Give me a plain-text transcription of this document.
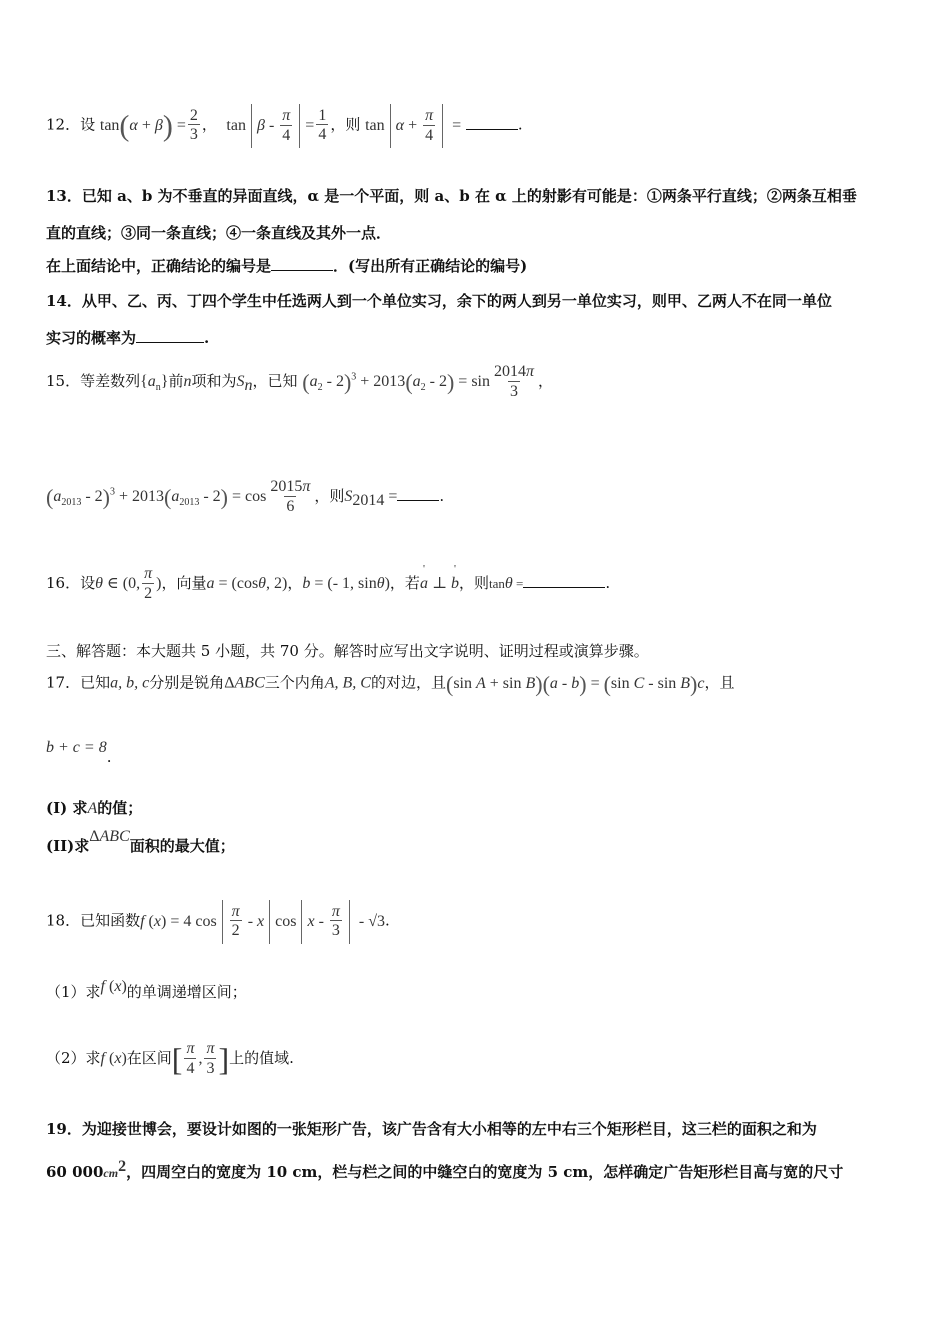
12．设 $\tan(\alpha + \beta) = \frac{2}{3}$ ， $\tan \beta - \frac{\pi}{4} = \frac{1}{4}$ ，则 $\tan \alpha + \frac{\pi}{4}$ =	.
13．已知 a、b 为不垂直的异面直线，α 是一个平面，则 a、b 在 α 上的射影有可能是：①两条平行直线；②两条互相垂
直的直线；③同一条直线；④一条直线及其外一点．
在上面结论中，正确结论的编号是	．(写出所有正确结论的编号)
14．从甲、乙、丙、丁四个学生中任选两人到一个单位实习，余下的两人到另一单位实习，则甲、乙两人不在同一单位
实习的概率为	.
15．等差数列$\{a_n\}$前n项和为$S_n$，已知 $(a_2 - 2)^3 + 2013(a_2 - 2) = \sin \frac{2014\pi}{3}$ ，
$(a_{2013} - 2)^3 + 2013(a_{2013} - 2) = \cos \frac{2015\pi}{6}$ ，则$S_{2014}$ =	.
16．设θ ∈ (0, $\frac{\pi}{2}$ )，向量a = (cosθ, 2)，b = (- 1, sinθ)，若' a ⊥ ' b，则tanθ =	.
三、解答题：本大题共 5 小题，共 70 分。解答时应写出文字说明、证明过程或演算步骤。
17．已知a, b, c分别是锐角ΔABC三个内角A, B, C的对边，且(sin A + sin B)(a - b) = (sin C - sin B)c，且
b + c = 8.
(I) 求A的值；
(II)求ΔABC面积的最大值；
18．已知函数f (x) = 4 $\cos \frac{\pi}{2}$ - x cos x - $\frac{\pi}{3} - √3$.
（1）求f (x)的单调递增区间；
（2）求f (x)在区间[ $\frac{\pi}{4}$ , $\frac{\pi}{3}$ ]上的值域.
19．为迎接世博会，要设计如图的一张矩形广告，该广告含有大小相等的左中右三个矩形栏目，这三栏的面积之和为
60 $000cm^2$，四周空白的宽度为 10 cm，栏与栏之间的中缝空白的宽度为 5 cm，怎样确定广告矩形栏目高与宽的尺寸
